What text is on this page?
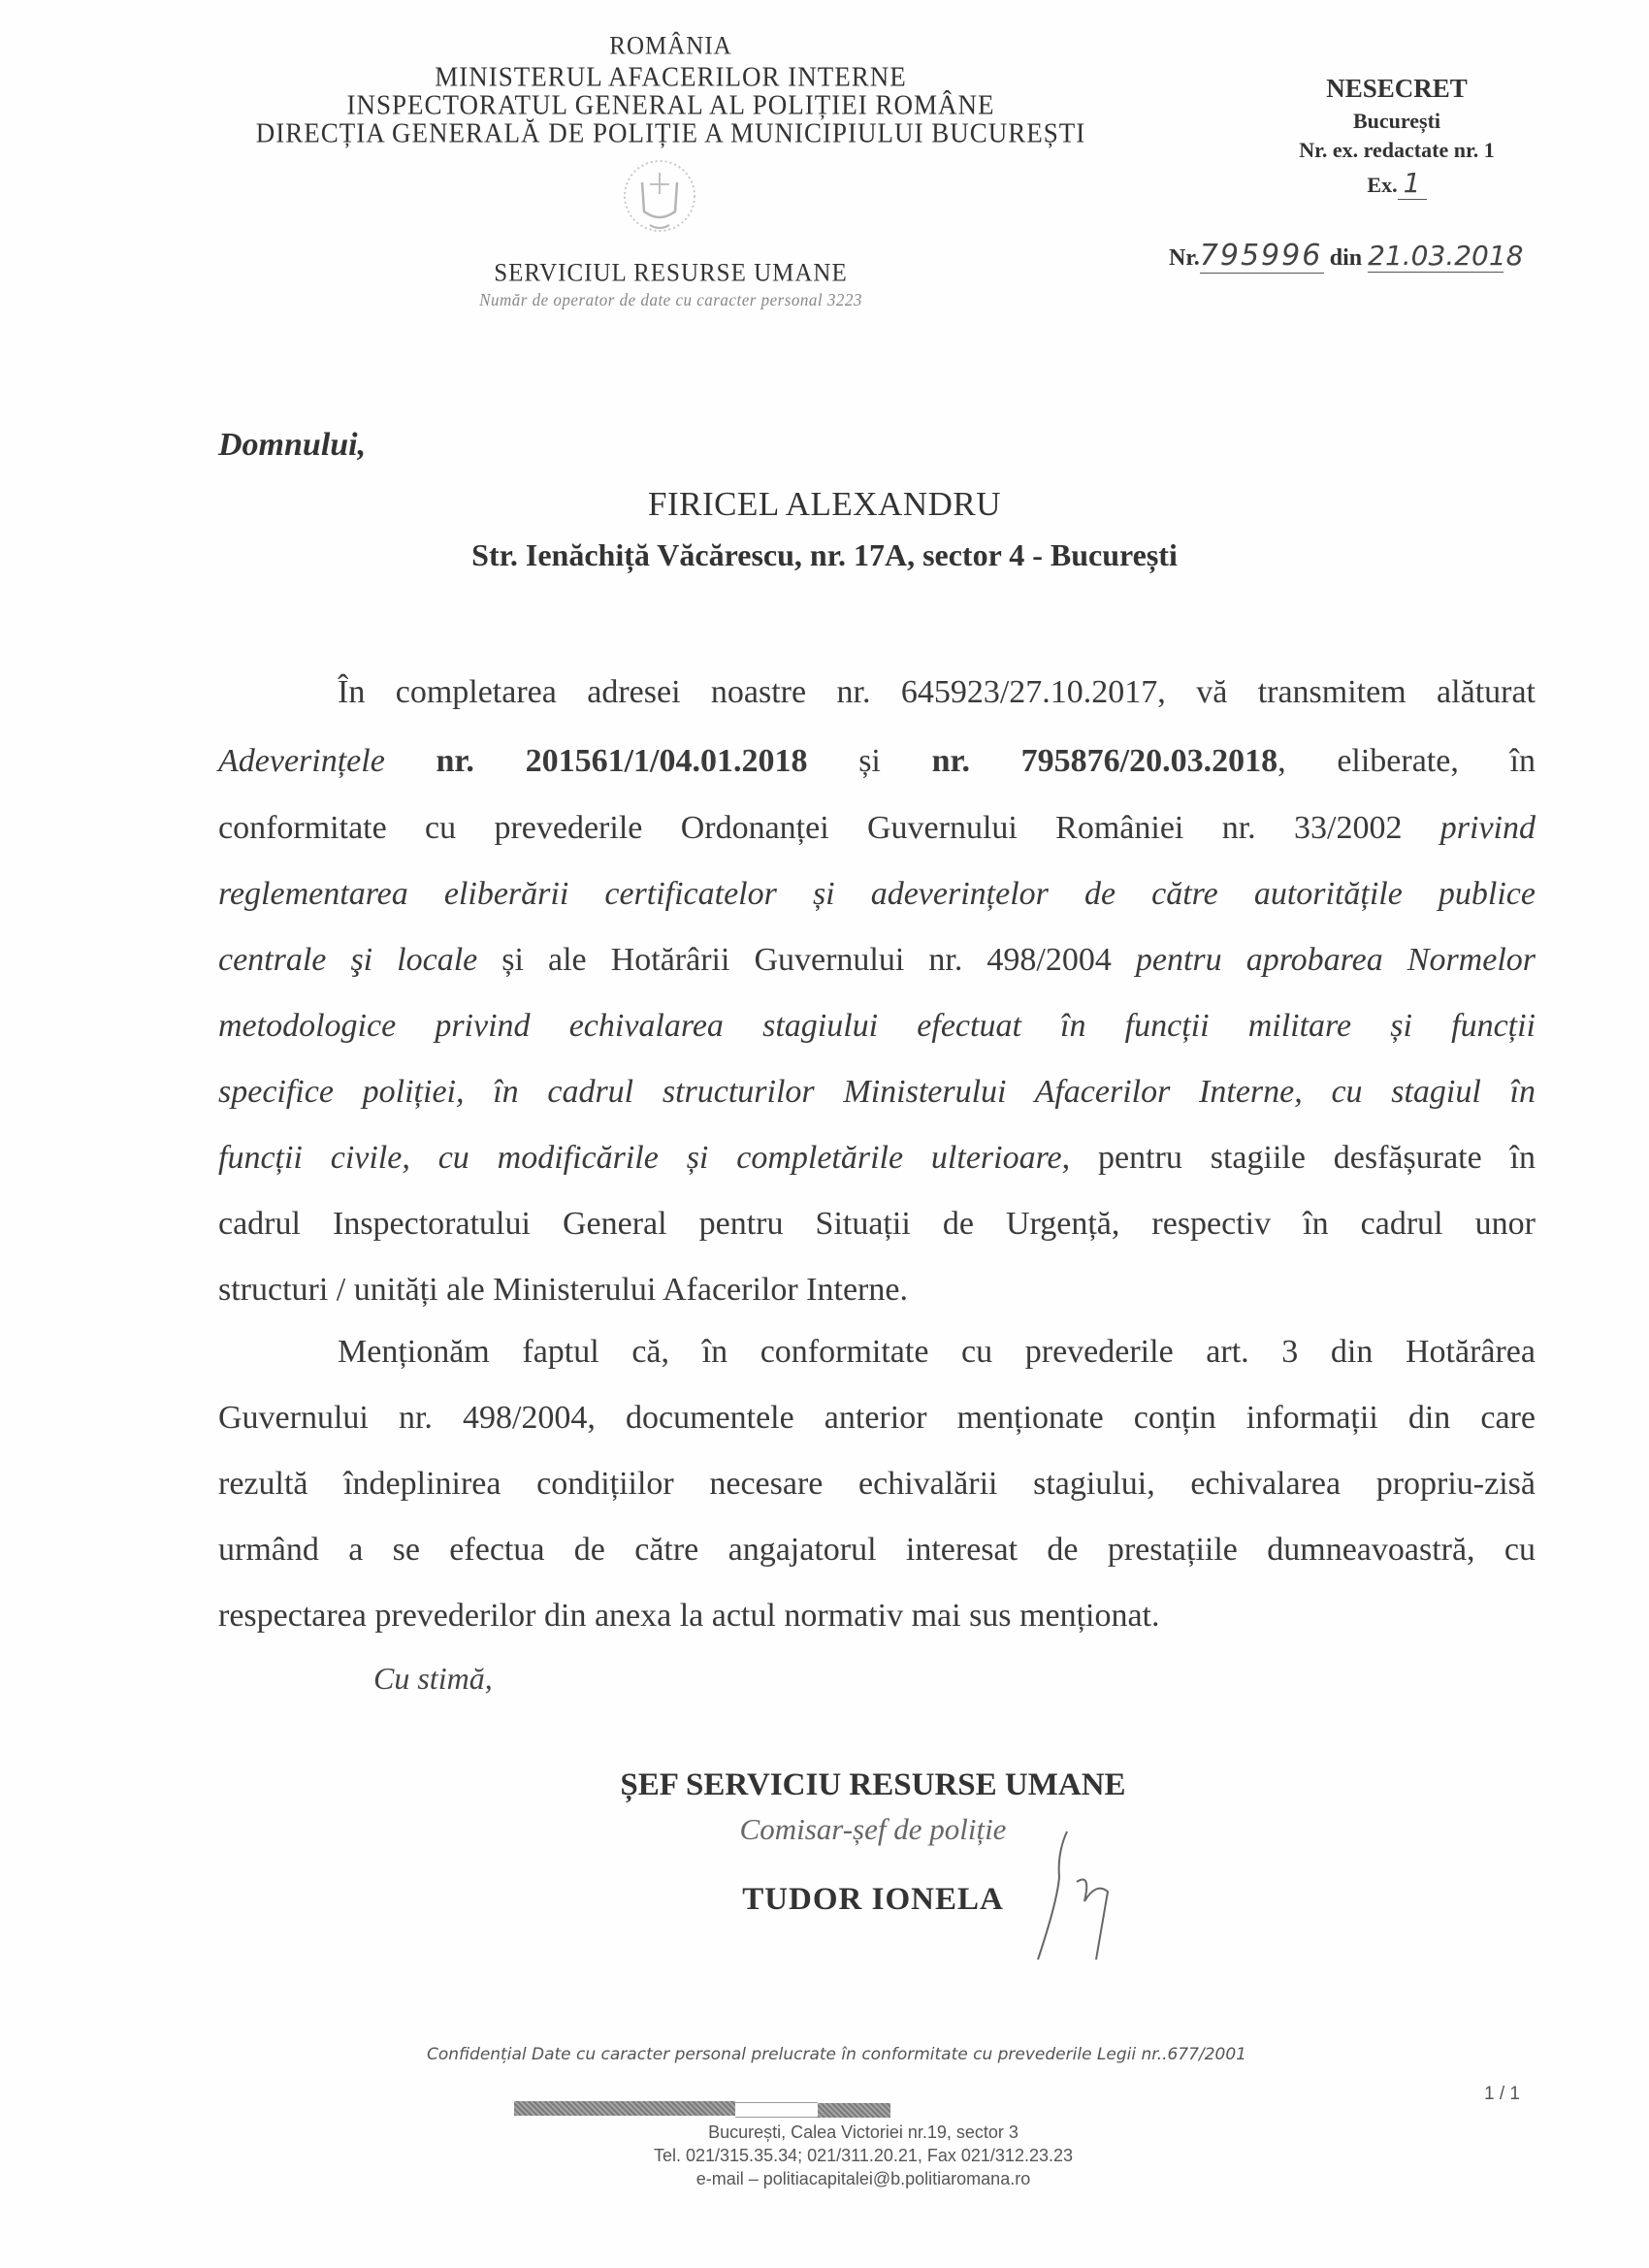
ROMÂNIA
MINISTERUL AFACERILOR INTERNE
INSPECTORATUL GENERAL AL POLIȚIEI ROMÂNE
DIRECȚIA GENERALĂ DE POLIȚIE A MUNICIPIULUI BUCUREȘTI
SERVICIUL RESURSE UMANE
Număr de operator de date cu caracter personal 3223
NESECRET
București
Nr. ex. redactate nr. 1
Ex. 1
Nr.795996 din 21.03.2018
Domnului,
FIRICEL ALEXANDRU
Str. Ienăchiță Văcărescu, nr. 17A, sector 4 - București
În completarea adresei noastre nr. 645923/27.10.2017, vă transmitem alăturat
Adeverințele nr. 201561/1/04.01.2018 și nr. 795876/20.03.2018, eliberate, în
conformitate cu prevederile Ordonanței Guvernului României nr. 33/2002 privind
reglementarea eliberării certificatelor și adeverințelor de către autoritățile publice
centrale şi locale și ale Hotărârii Guvernului nr. 498/2004 pentru aprobarea Normelor
metodologice privind echivalarea stagiului efectuat în funcții militare și funcții
specifice poliției, în cadrul structurilor Ministerului Afacerilor Interne, cu stagiul în
funcții civile, cu modificările și completările ulterioare, pentru stagiile desfășurate în
cadrul Inspectoratului General pentru Situații de Urgență, respectiv în cadrul unor
structuri / unități ale Ministerului Afacerilor Interne.
Menționăm faptul că, în conformitate cu prevederile art. 3 din Hotărârea
Guvernului nr. 498/2004, documentele anterior menționate conțin informații din care
rezultă îndeplinirea condițiilor necesare echivalării stagiului, echivalarea propriu-zisă
urmând a se efectua de către angajatorul interesat de prestațiile dumneavoastră, cu
respectarea prevederilor din anexa la actul normativ mai sus menționat.
Cu stimă,
ȘEF SERVICIU RESURSE UMANE
Comisar-șef de poliție
TUDOR IONELA
Confidențial Date cu caracter personal prelucrate în conformitate cu prevederile Legii nr..677/2001
1 / 1
București, Calea Victoriei nr.19, sector 3
Tel. 021/315.35.34; 021/311.20.21, Fax 021/312.23.23
e-mail – politiacapitalei@b.politiaromana.ro
